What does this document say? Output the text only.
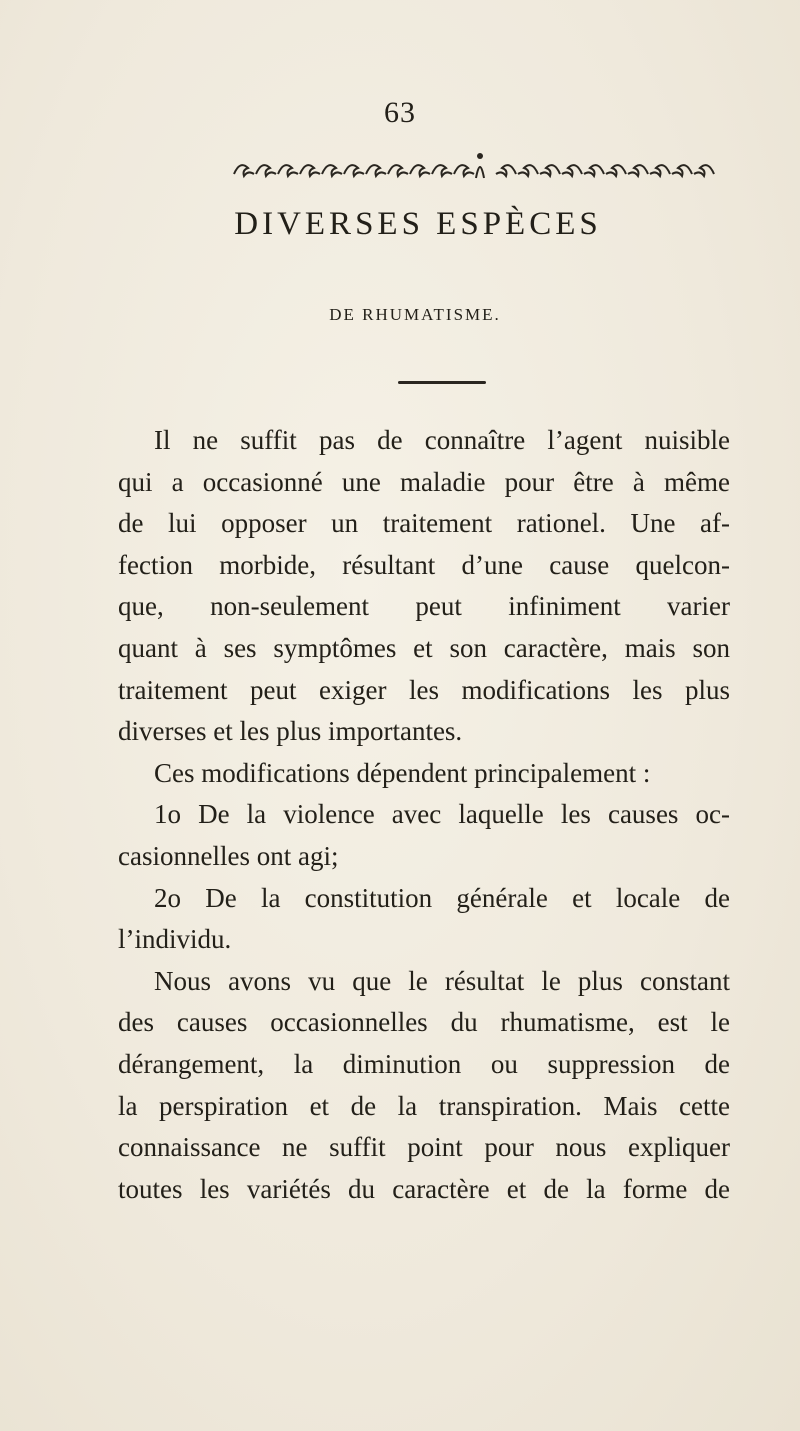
63
DIVERSES ESPÈCES
DE RHUMATISME.
Il ne suffit pas de connaître l’agent nuisible
qui a occasionné une maladie pour être à même
de lui opposer un traitement rationel. Une af-
fection morbide, résultant d’une cause quelcon-
que, non-seulement peut infiniment varier
quant à ses symptômes et son caractère, mais son
traitement peut exiger les modifications les plus
diverses et les plus importantes.
Ces modifications dépendent principalement :
1o De la violence avec laquelle les causes oc-
casionnelles ont agi;
2o De la constitution générale et locale de
l’individu.
Nous avons vu que le résultat le plus constant
des causes occasionnelles du rhumatisme, est le
dérangement, la diminution ou suppression de
la perspiration et de la transpiration. Mais cette
connaissance ne suffit point pour nous expliquer
toutes les variétés du caractère et de la forme de
